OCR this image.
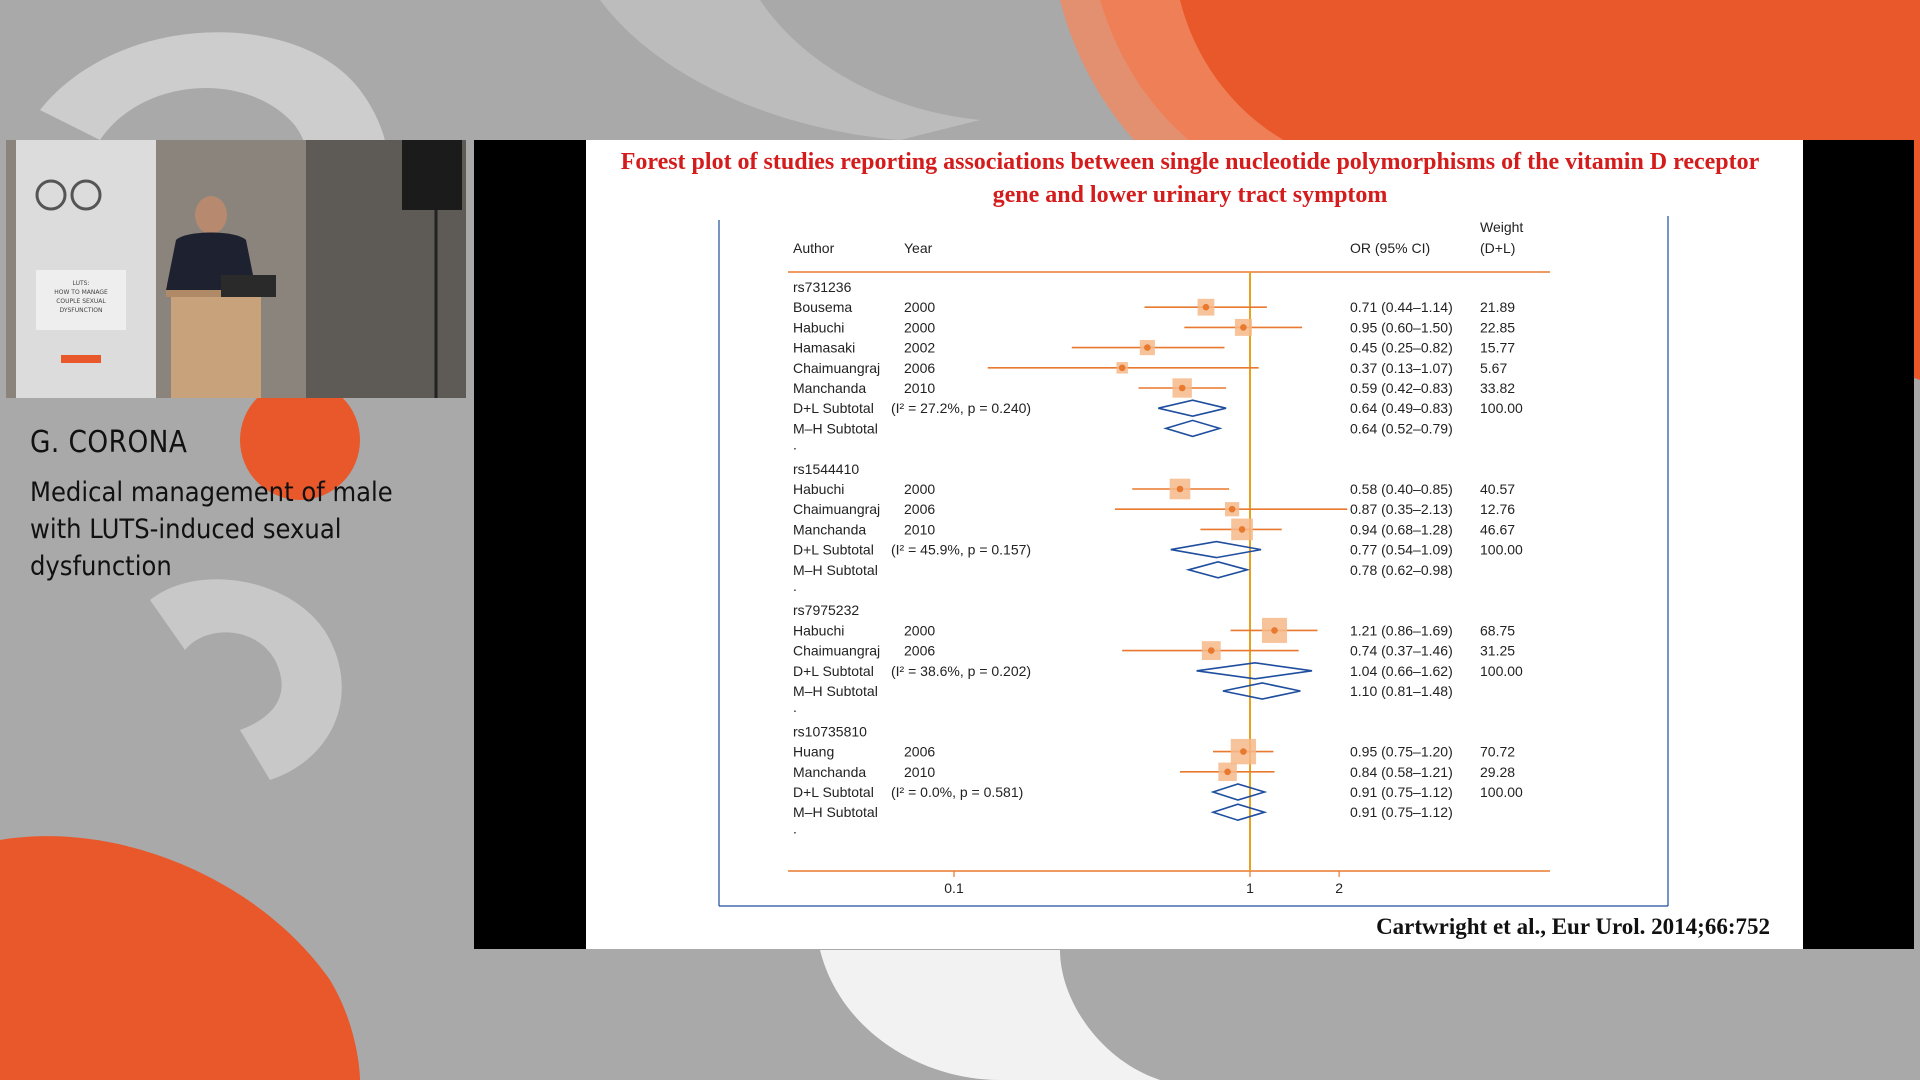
LUTS:
HOW TO MANAGE
COUPLE SEXUAL
DYSFUNCTION
G. CORONA
Medical management of male with LUTS-induced sexual dysfunction
Forest plot of studies reporting associations between single nucleotide polymorphisms of the vitamin D receptor gene and lower urinary tract symptom
Author	Year	OR (95% CI)
Weight
(D+L)
0.1	1	2
rs731236
Bousema	2000	0.71 (0.44–1.14) 21.89
Habuchi	2000	0.95 (0.60–1.50) 22.85
Hamasaki	2002	0.45 (0.25–0.82) 15.77
Chaimuangraj 2006	0.37 (0.13–1.07) 5.67
Manchanda	2010	0.59 (0.42–0.83) 33.82
D+L Subtotal (I² = 27.2%, p = 0.240)	0.64 (0.49–0.83) 100.00
M–H Subtotal	0.64 (0.52–0.79)
.
rs1544410
Habuchi	2000	0.58 (0.40–0.85) 40.57
Chaimuangraj 2006	0.87 (0.35–2.13) 12.76
Manchanda	2010	0.94 (0.68–1.28) 46.67
D+L Subtotal (I² = 45.9%, p = 0.157)	0.77 (0.54–1.09) 100.00
M–H Subtotal	0.78 (0.62–0.98)
.
rs7975232
Habuchi	2000	1.21 (0.86–1.69) 68.75
Chaimuangraj 2006	0.74 (0.37–1.46) 31.25
D+L Subtotal (I² = 38.6%, p = 0.202)	1.04 (0.66–1.62) 100.00
M–H Subtotal	1.10 (0.81–1.48)
.
rs10735810
Huang	2006	0.95 (0.75–1.20) 70.72
Manchanda	2010	0.84 (0.58–1.21) 29.28
D+L Subtotal (I² = 0.0%, p = 0.581)	0.91 (0.75–1.12) 100.00
M–H Subtotal	0.91 (0.75–1.12)
.
Cartwright et al., Eur Urol. 2014;66:752
